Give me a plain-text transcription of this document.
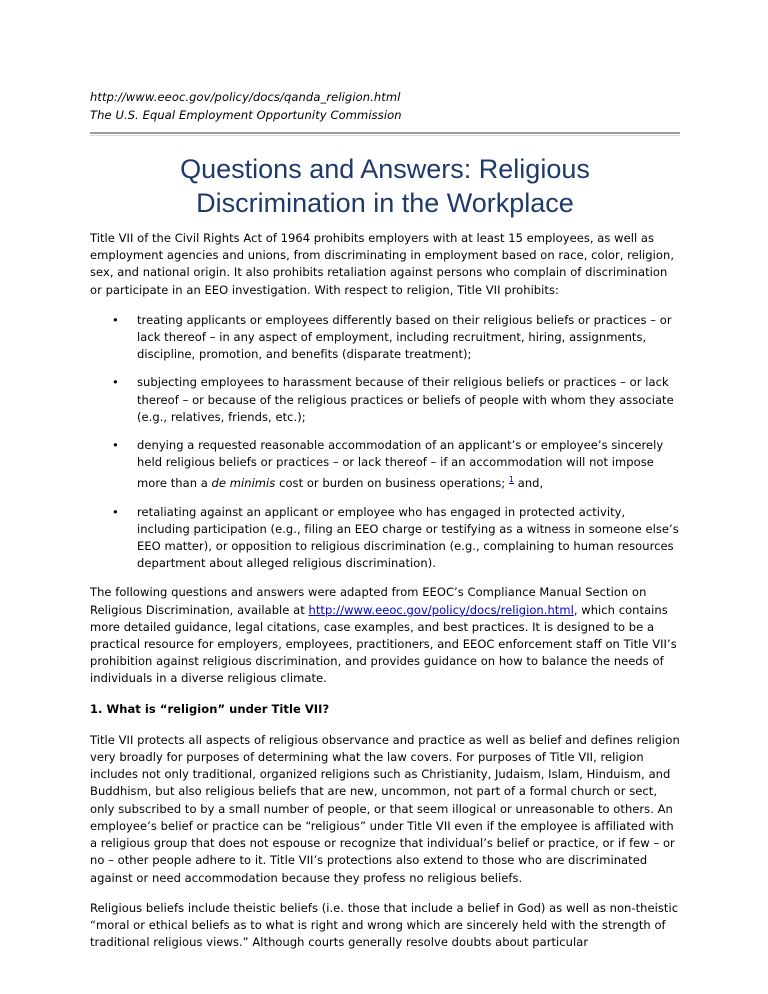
http://www.eeoc.gov/policy/docs/qanda_religion.html
The U.S. Equal Employment Opportunity Commission
Questions and Answers: Religious
Discrimination in the Workplace

Title VII of the Civil Rights Act of 1964 prohibits employers with at least 15 employees, as well as employment agencies and unions, from discriminating in employment based on race, color, religion, sex, and national origin. It also prohibits retaliation against persons who complain of discrimination or participate in an EEO investigation. With respect to religion, Title VII prohibits:

• treating applicants or employees differently based on their religious beliefs or practices – or lack thereof – in any aspect of employment, including recruitment, hiring, assignments, discipline, promotion, and benefits (disparate treatment);
• subjecting employees to harassment because of their religious beliefs or practices – or lack thereof – or because of the religious practices or beliefs of people with whom they associate (e.g., relatives, friends, etc.);
• denying a requested reasonable accommodation of an applicant’s or employee’s sincerely held religious beliefs or practices – or lack thereof – if an accommodation will not impose more than a de minimis cost or burden on business operations; $^1$ and,
• retaliating against an applicant or employee who has engaged in protected activity, including participation (e.g., filing an EEO charge or testifying as a witness in someone else’s EEO matter), or opposition to religious discrimination (e.g., complaining to human resources department about alleged religious discrimination).

The following questions and answers were adapted from EEOC’s Compliance Manual Section on Religious Discrimination, available at http://www.eeoc.gov/policy/docs/religion.html, which contains more detailed guidance, legal citations, case examples, and best practices. It is designed to be a practical resource for employers, employees, practitioners, and EEOC enforcement staff on Title VII’s prohibition against religious discrimination, and provides guidance on how to balance the needs of individuals in a diverse religious climate.

1. What is “religion” under Title VII?

Title VII protects all aspects of religious observance and practice as well as belief and defines religion very broadly for purposes of determining what the law covers. For purposes of Title VII, religion includes not only traditional, organized religions such as Christianity, Judaism, Islam, Hinduism, and Buddhism, but also religious beliefs that are new, uncommon, not part of a formal church or sect, only subscribed to by a small number of people, or that seem illogical or unreasonable to others. An employee’s belief or practice can be “religious” under Title VII even if the employee is affiliated with a religious group that does not espouse or recognize that individual’s belief or practice, or if few – or no – other people adhere to it. Title VII’s protections also extend to those who are discriminated against or need accommodation because they profess no religious beliefs.

Religious beliefs include theistic beliefs (i.e. those that include a belief in God) as well as non-theistic “moral or ethical beliefs as to what is right and wrong which are sincerely held with the strength of traditional religious views.” Although courts generally resolve doubts about particular
